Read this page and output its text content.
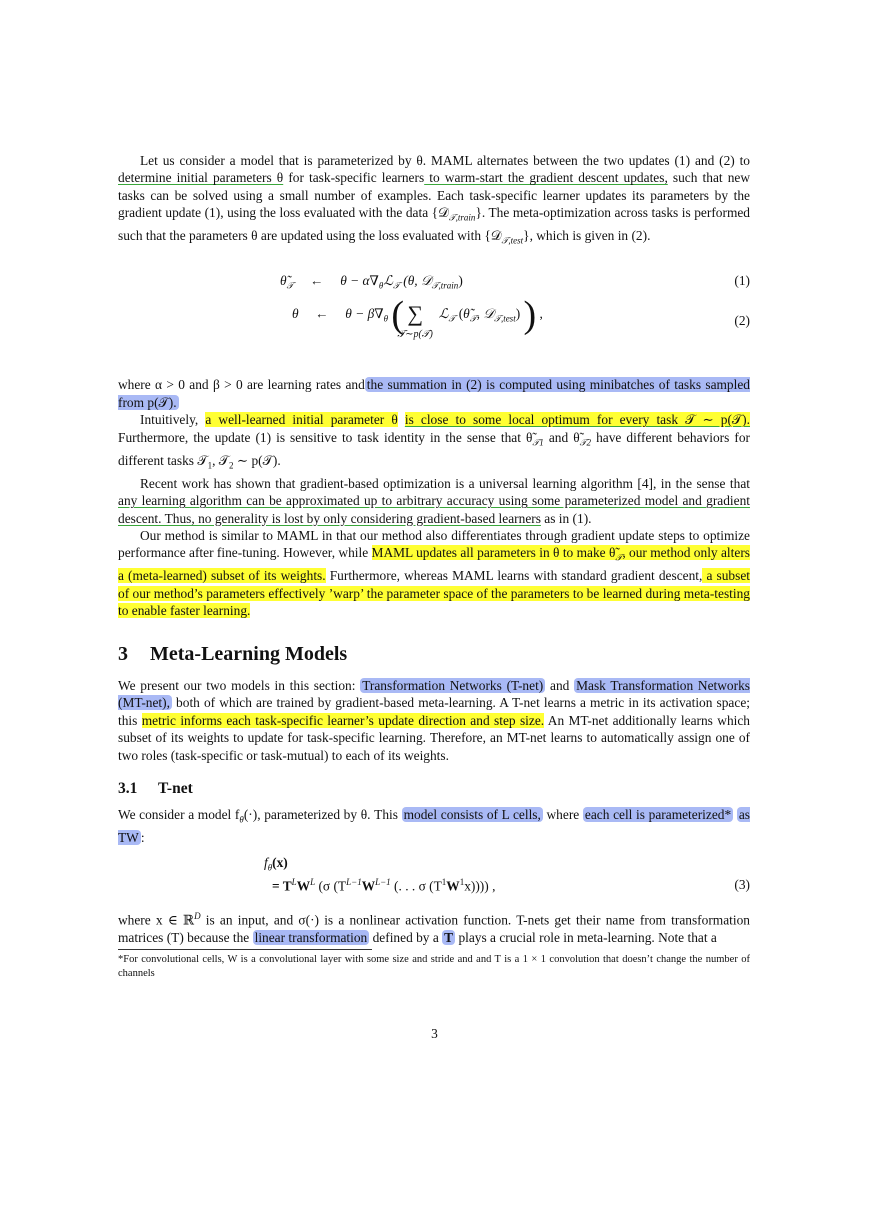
Let us consider a model that is parameterized by θ. MAML alternates between the two updates (1) and (2) to determine initial parameters θ for task-specific learners to warm-start the gradient descent updates, such that new tasks can be solved using a small number of examples. Each task-specific learner updates its parameters by the gradient update (1), using the loss evaluated with the data {𝒟$_{𝒯,train}$}. The meta-optimization across tasks is performed such that the parameters θ are updated using the loss evaluated with {𝒟$_{𝒯,test}$}, which is given in (2).

$\thetã_𝒯$ ← $\theta - \alpha\nabla_\theta ℒ_𝒯$ (θ, 𝒟$_{𝒯,train}$)	(1)
θ ← $\theta - \beta\nabla_\theta$ ( ∑
𝒯∼p(𝒯)
ℒ$_𝒯$ ($\thetã_𝒯$, 𝒟$_{𝒯,test}$) ) ,	(2)

where α > 0 and β > 0 are learning rates and the summation in (2) is computed using minibatches of tasks sampled from p(𝒯).

Intuitively, a well-learned initial parameter θ is close to some local optimum for every task 𝒯 ∼ p(𝒯). Furthermore, the update (1) is sensitive to task identity in the sense that $\thetã_{𝒯1}$ and $\thetã_{𝒯2}$ have different behaviors for different tasks 𝒯$_1$, 𝒯$_2$ ∼ p(𝒯).

Recent work has shown that gradient-based optimization is a universal learning algorithm [4], in the sense that any learning algorithm can be approximated up to arbitrary accuracy using some parameterized model and gradient descent. Thus, no generality is lost by only considering gradient-based learners as in (1).

Our method is similar to MAML in that our method also differentiates through gradient update steps to optimize performance after fine-tuning. However, while MAML updates all parameters in θ to make $\thetã_𝒯$, our method only alters a (meta-learned) subset of its weights. Furthermore, whereas MAML learns with standard gradient descent, a subset of our method’s parameters effectively ’warp’ the parameter space of the parameters to be learned during meta-testing to enable faster learning.

3 Meta-Learning Models

We present our two models in this section: Transformation Networks (T-net) and Mask Transformation Networks (MT-net), both of which are trained by gradient-based meta-learning. A T-net learns a metric in its activation space; this metric informs each task-specific learner’s update direction and step size. An MT-net additionally learns which subset of its weights to update for task-specific learning. Therefore, an MT-net learns to automatically assign one of two roles (task-specific or task-mutual) to each of its weights.

3.1 T-net

We consider a model $f_\theta(\cdot)$, parameterized by θ. This model consists of L cells, where each cell is parameterized* as TW :

$f_\theta(x)$
= $T^LW^L$ (σ ($T^{L-1}W^{L-1}$ (. . . σ $(T^1W^1x)$))) ,	(3)

where x ∈ ℝ$^D$ is an input, and σ(·) is a nonlinear activation function. T-nets get their name from transformation matrices (T) because the linear transformation defined by a T plays a crucial role in meta-learning. Note that a

*For convolutional cells, W is a convolutional layer with some size and stride and and T is a 1 × 1 convolution that doesn’t change the number of channels
3
